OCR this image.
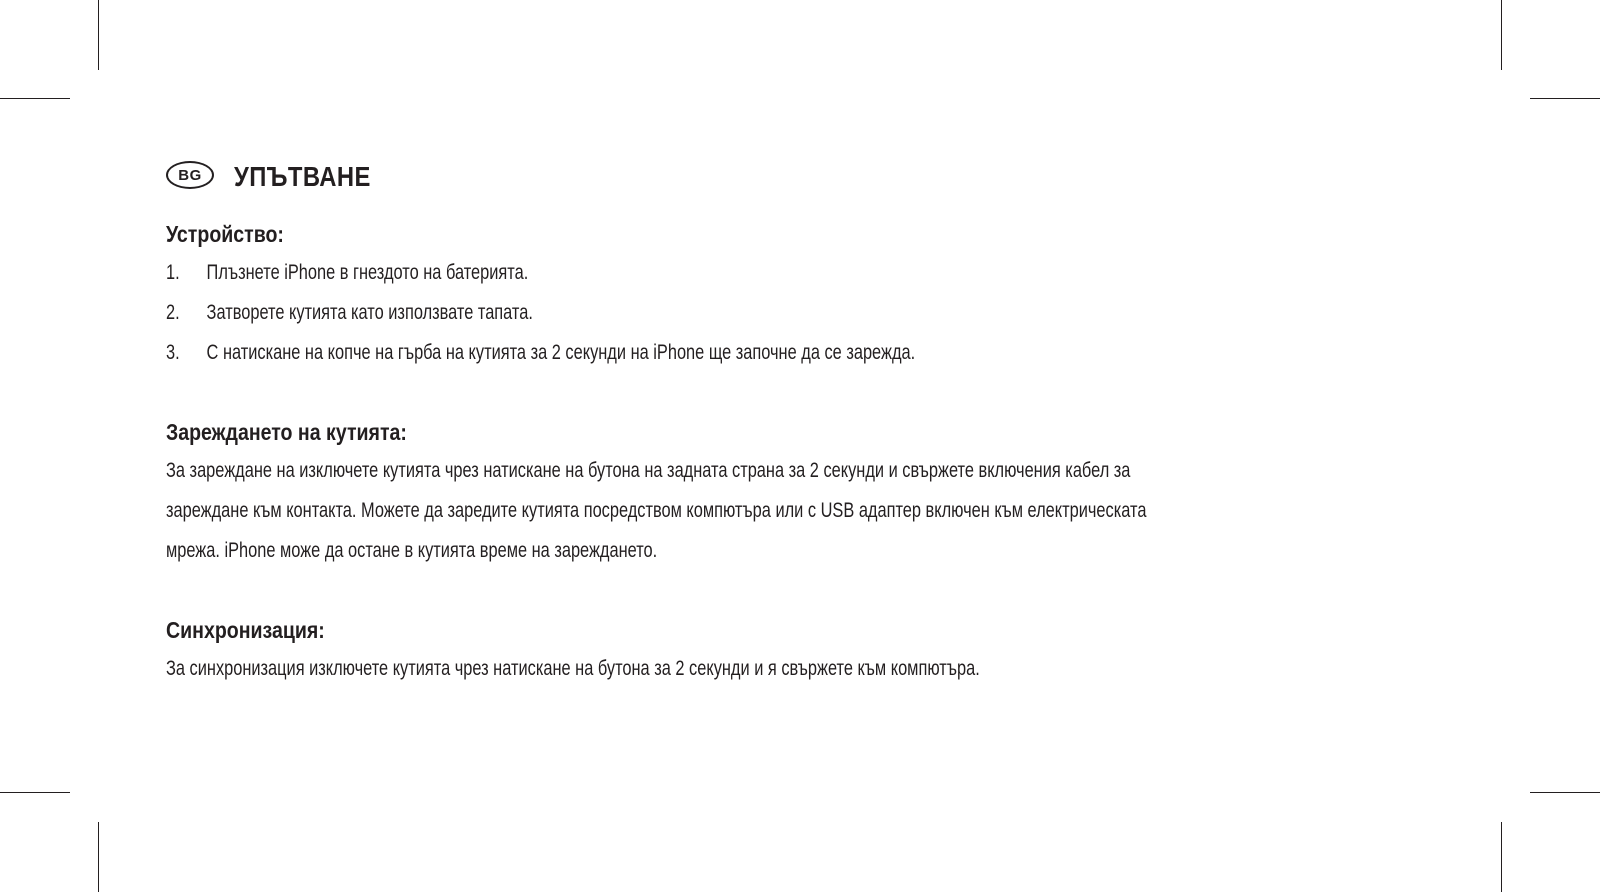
BG	УПЪТВАНЕ
Устройство:
1.	Плъзнете iPhone в гнездото на батерията.
2.	Затворете кутията като използвате тапата.
3.	С натискане на копче на гърба на кутията за 2 секунди на iPhone ще започне да се зарежда.
Зареждането на кутията:

За зареждане на изключете кутията чрез натискане на бутона на задната страна за 2 секунди и свържете включения кабел за
зареждане към контакта. Можете да заредите кутията посредством компютъра или с USB адаптер включен към електрическата
мрежа. iPhone може да остане в кутията време на зареждането.

Синхронизация:

За синхронизация изключете кутията чрез натискане на бутона за 2 секунди и я свържете към компютъра.
